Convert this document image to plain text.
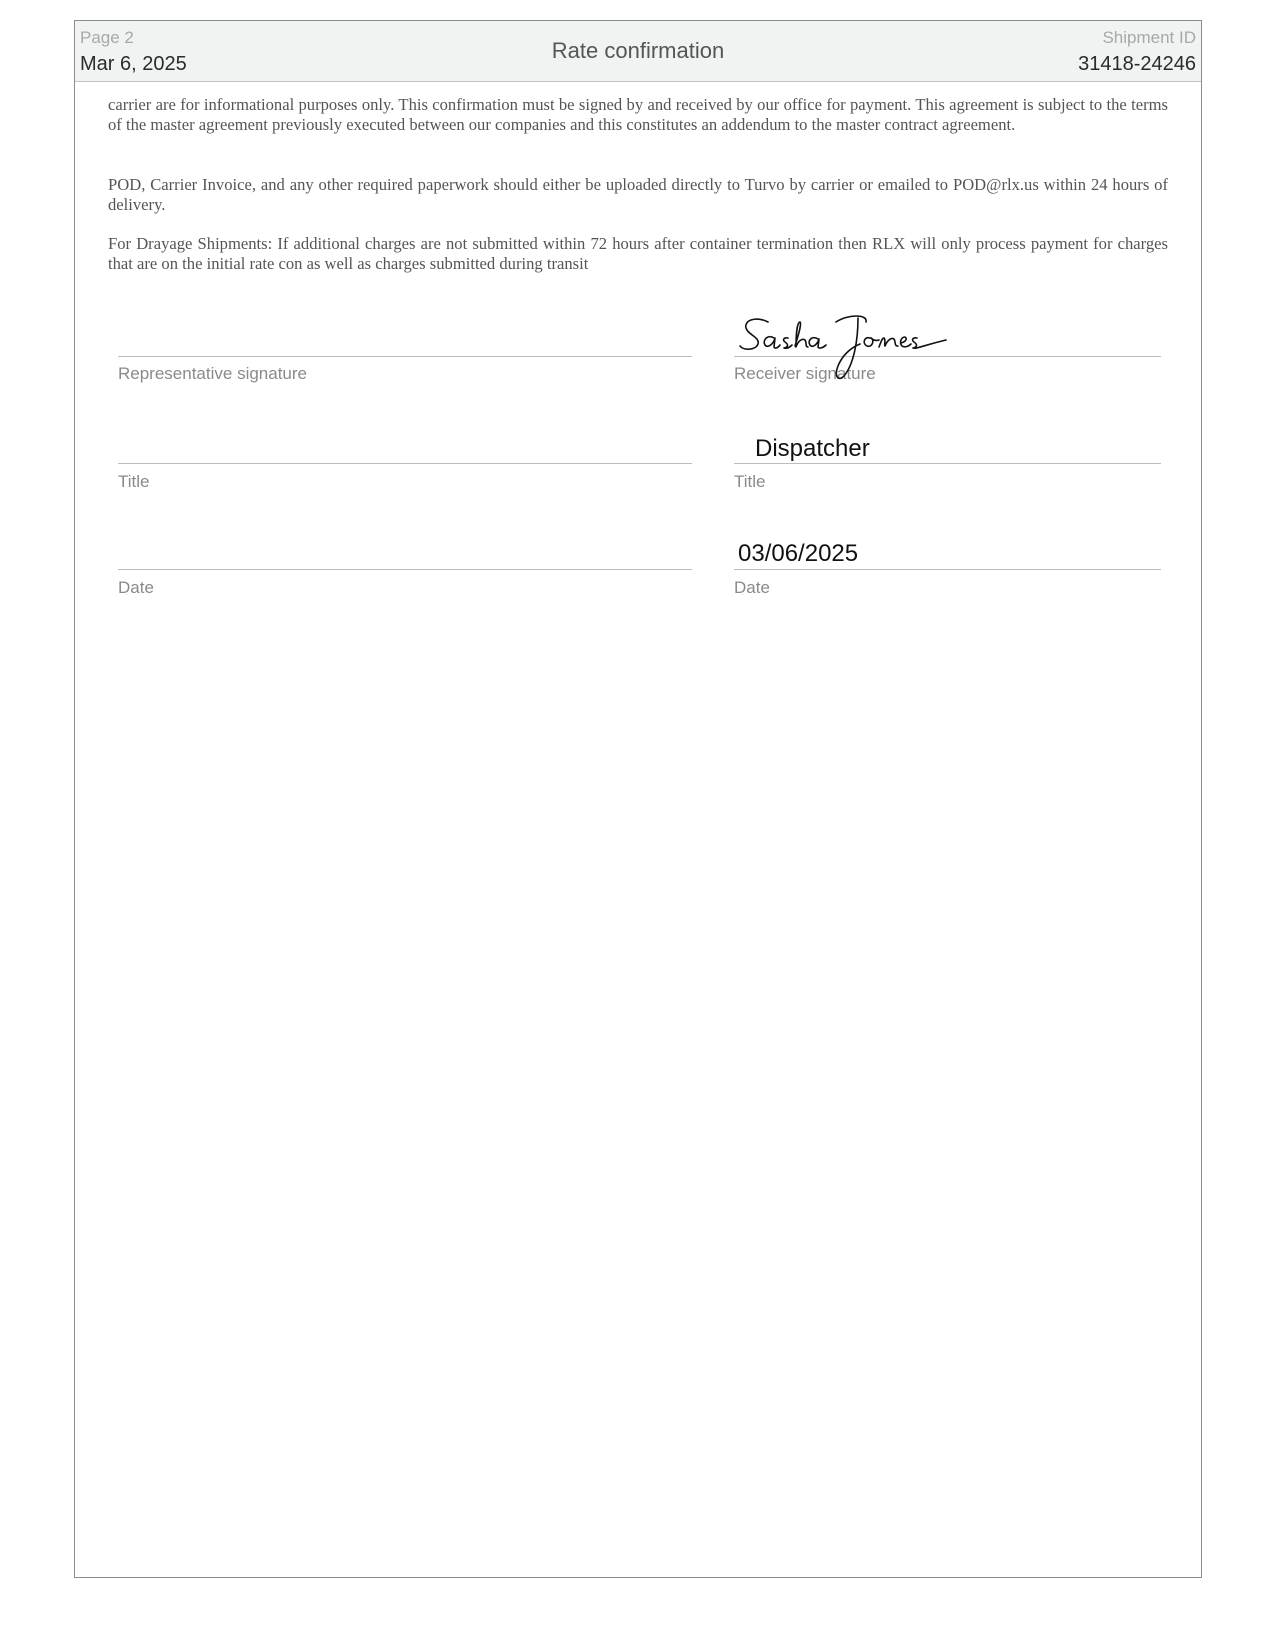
Page 2
Mar 6, 2025
Rate confirmation
Shipment ID
31418-24246
carrier are for informational purposes only. This confirmation must be signed by and received by our office for payment. This agreement is subject to the terms of the master agreement previously executed between our companies and this constitutes an addendum to the master contract agreement.
POD, Carrier Invoice, and any other required paperwork should either be uploaded directly to Turvo by carrier or emailed to POD@rlx.us within 24 hours of delivery.
For Drayage Shipments: If additional charges are not submitted within 72 hours after container termination then RLX will only process payment for charges that are on the initial rate con as well as charges submitted during transit
Representative signature
Title
Date
Receiver signature
Dispatcher
Title
03/06/2025
Date
